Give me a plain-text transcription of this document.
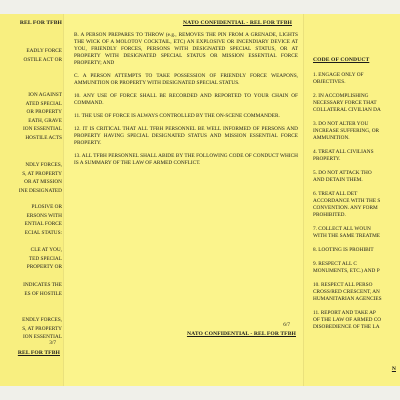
REL FOR TFBH
EADLY FORCE
OSTILE ACT OR
ION AGAINST
ATED SPECIAL
OR PROPERTY
EATH, GRAVE
ION ESSENTIAL
HOSTILE ACTS
NDLY FORCES,
S, AT PROPERTY
OR AT MISSION
INE DESIGNATED
PLOSIVE OR
ERSONS WITH
ENTIAL FORCE
ECIAL STATUS:
CLE AT YOU,
TED SPECIAL
PROPERTY OR
INDICATES THE
ES OF HOSTILE
ENDLY FORCES,
S, AT PROPERTY
ION ESSENTIAL
3/7
REL FOR TFBH
NATO CONFIDENTIAL - REL FOR TFBH

B. A PERSON PREPARES TO THROW (e.g., REMOVES THE PIN FROM A GRENADE, LIGHTS THE WICK OF A MOLOTOV COCKTAIL, ETC) AN EXPLOSIVE OR INCENDIARY DEVICE AT YOU, FRIENDLY FORCES, PERSONS WITH DESIGNATED SPECIAL STATUS, OR AT PROPERTY WITH DESIGNATED SPECIAL STATUS OR MISSION ESSENTIAL FORCE PROPERTY; AND

C. A PERSON ATTEMPTS TO TAKE POSSESSION OF FRIENDLY FORCE WEAPONS, AMMUNITION OR PROPERTY WITH DESIGNATED SPECIAL STATUS.

10. ANY USE OF FORCE SHALL BE RECORDED AND REPORTED TO YOUR CHAIN OF COMMAND.

11. THE USE OF FORCE IS ALWAYS CONTROLLED BY THE ON-SCENE COMMANDER.

12. IT IS CRITICAL THAT ALL TFBH PERSONNEL BE WELL INFORMED OF PERSONS AND PROPERTY HAVING SPECIAL DESIGNATED STATUS AND MISSION ESSENTIAL FORCE PROPERTY.

13. ALL TFBH PERSONNEL SHALL ABIDE BY THE FOLLOWING CODE OF CONDUCT WHICH IS A SUMMARY OF THE LAW OF ARMED CONFLICT.

6/7
NATO CONFIDENTIAL - REL FOR TFBH
CODE OF CONDUCT
1. ENGAGE ONLY OF
OBJECTIVES.
2. IN ACCOMPLISHING
NECESSARY FORCE THAT
COLLATERAL CIVILIAN DA
3. DO NOT ALTER YOU
INCREASE SUFFERING, OR
AMMUNITION.
4. TREAT ALL CIVILIANS
PROPERTY.
5. DO NOT ATTACK THO
AND DETAIN THEM.
6. TREAT ALL DET
ACCORDANCE WITH THE S
CONVENTION. ANY FORM
PROHIBITED.
7. COLLECT ALL WOUN
WITH THE SAME TREATME
8. LOOTING IS PROHIBIT
9. RESPECT ALL C
MONUMENTS, ETC.) AND P
10. RESPECT ALL PERSO
CROSS/RED CRESCENT, AN
HUMANITARIAN AGENCIES
11. REPORT AND TAKE AP
OF THE LAW OF ARMED CO
DISOBEDIENCE OF THE LA
N
